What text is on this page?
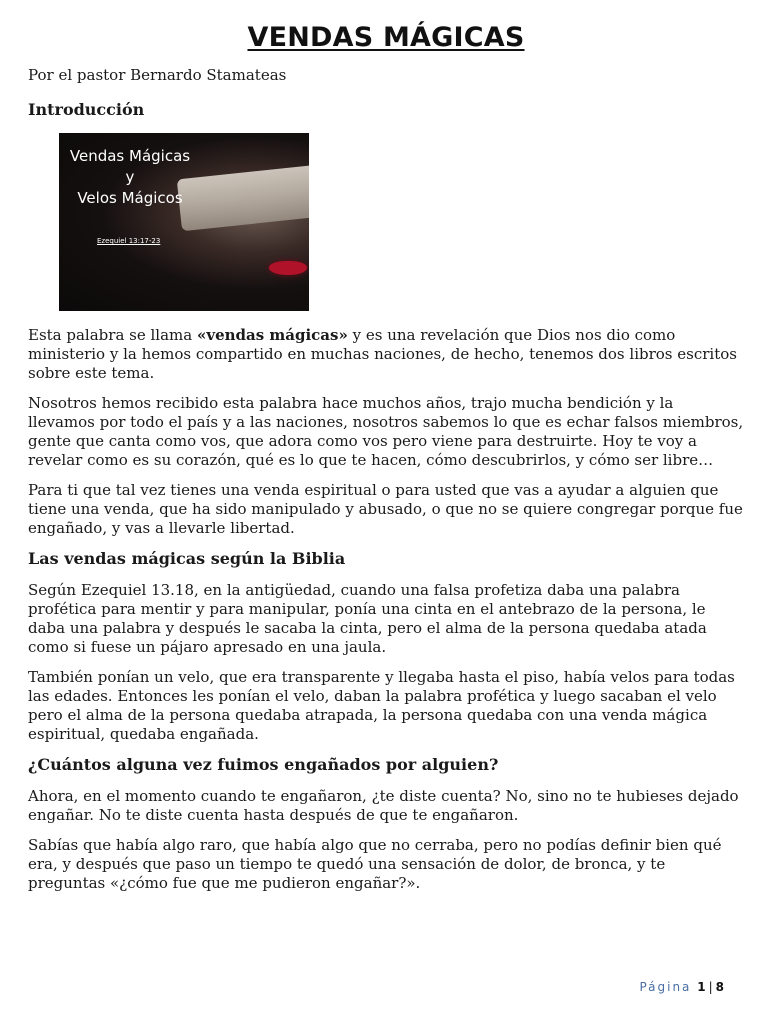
VENDAS MÁGICAS

Por el pastor Bernardo Stamateas

Introducción

Vendas Mágicas
y
Velos Mágicos
Ezequiel 13:17-23

Esta palabra se llama «vendas mágicas» y es una revelación que Dios nos dio como ministerio y la hemos compartido en muchas naciones, de hecho, tenemos dos libros escritos sobre este tema.

Nosotros hemos recibido esta palabra hace muchos años, trajo mucha bendición y la llevamos por todo el país y a las naciones, nosotros sabemos lo que es echar falsos miembros, gente que canta como vos, que adora como vos pero viene para destruirte. Hoy te voy a revelar como es su corazón, qué es lo que te hacen, cómo descubrirlos, y cómo ser libre…

Para ti que tal vez tienes una venda espiritual o para usted que vas a ayudar a alguien que tiene una venda, que ha sido manipulado y abusado, o que no se quiere congregar porque fue engañado, y vas a llevarle libertad.

Las vendas mágicas según la Biblia

Según Ezequiel 13.18, en la antigüedad, cuando una falsa profetiza daba una palabra profética para mentir y para manipular, ponía una cinta en el antebrazo de la persona, le daba una palabra y después le sacaba la cinta, pero el alma de la persona quedaba atada como si fuese un pájaro apresado en una jaula.

También ponían un velo, que era transparente y llegaba hasta el piso, había velos para todas las edades. Entonces les ponían el velo, daban la palabra profética y luego sacaban el velo pero el alma de la persona quedaba atrapada, la persona quedaba con una venda mágica espiritual, quedaba engañada.

¿Cuántos alguna vez fuimos engañados por alguien?

Ahora, en el momento cuando te engañaron, ¿te diste cuenta? No, sino no te hubieses dejado engañar. No te diste cuenta hasta después de que te engañaron.

Sabías que había algo raro, que había algo que no cerraba, pero no podías definir bien qué era, y después que paso un tiempo te quedó una sensación de dolor, de bronca, y te preguntas «¿cómo fue que me pudieron engañar?».

Página 1 | 8
